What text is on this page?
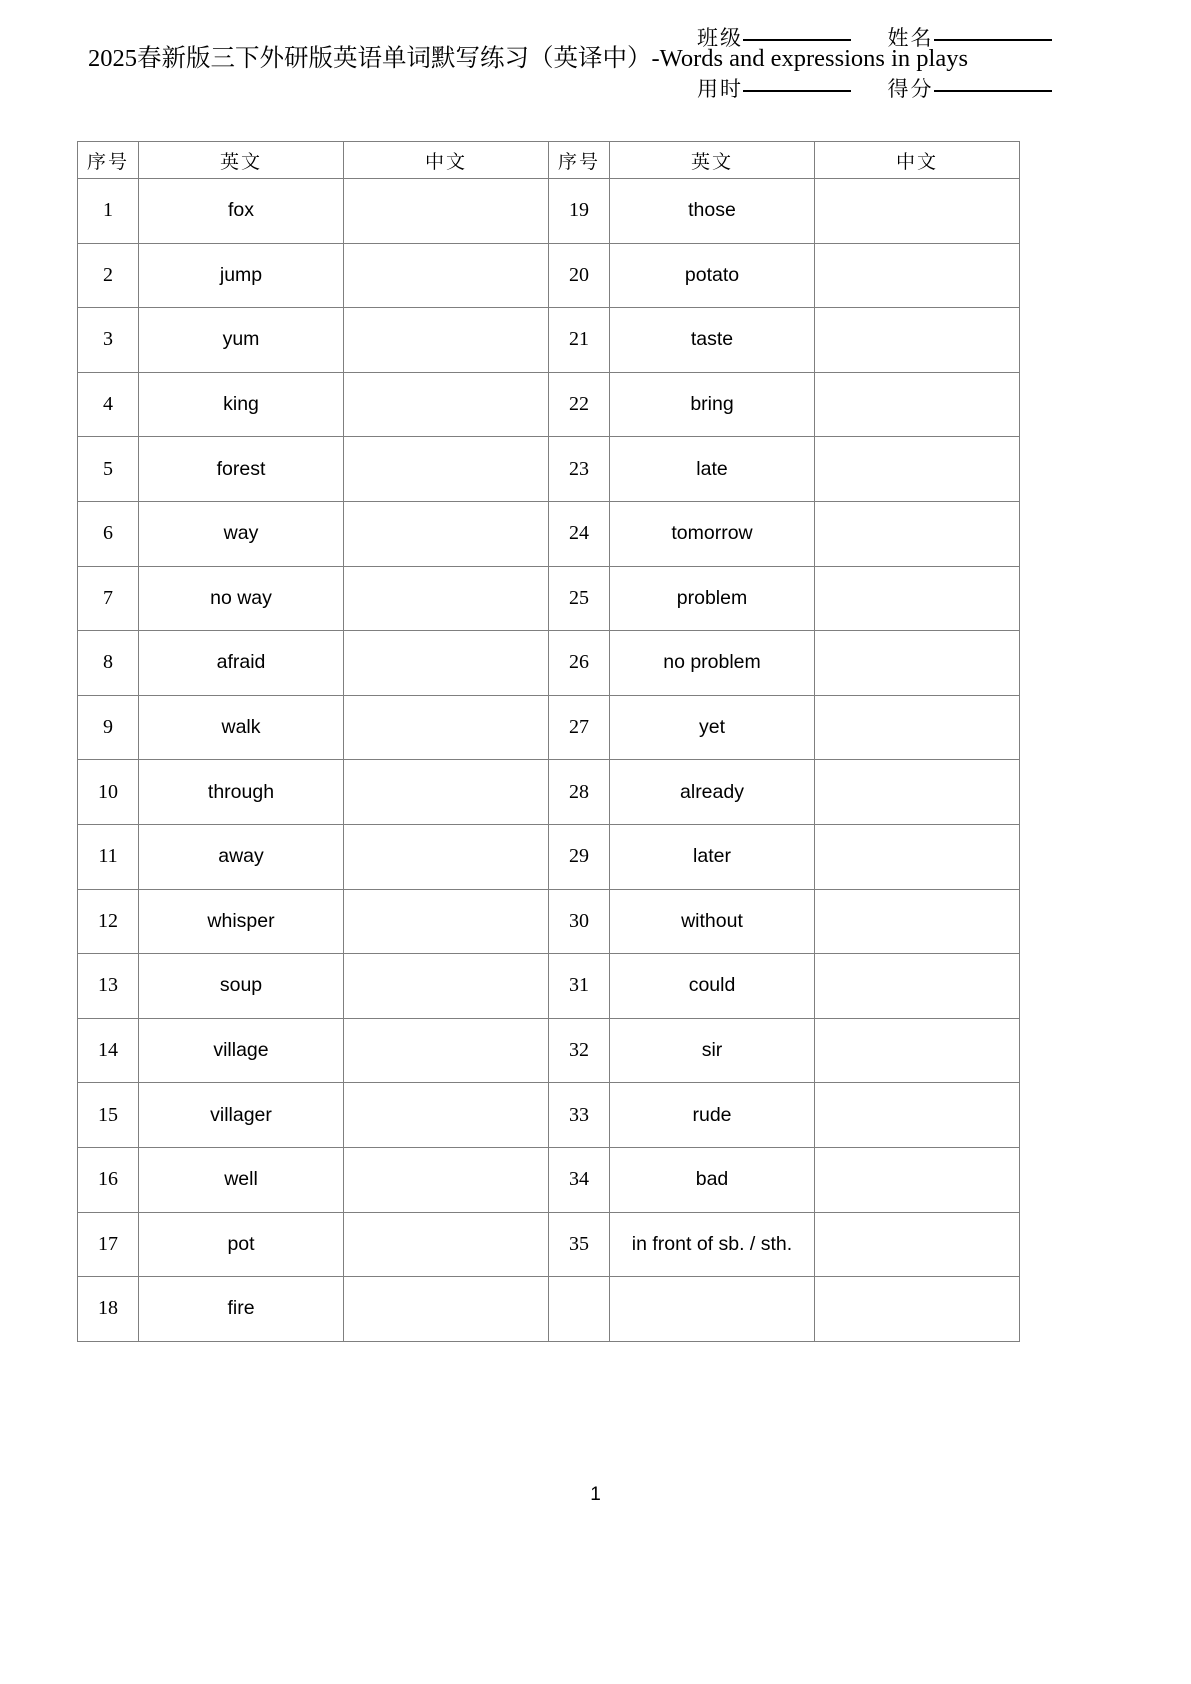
2025春新版三下外研版英语单词默写练习（英译中）-Words and expressions in plays
班级	姓名
用时	得分
序号	英文	中文	序号	英文	中文
1	fox		19	those	
2	jump		20	potato	
3	yum		21	taste	
4	king		22	bring	
5	forest		23	late	
6	way		24	tomorrow	
7	no way		25	problem	
8	afraid		26	no problem	
9	walk		27	yet	
10	through		28	already	
11	away		29	later	
12	whisper		30	without	
13	soup		31	could	
14	village		32	sir	
15	villager		33	rude	
16	well		34	bad	
17	pot		35	in front of sb. / sth.	
18	fire				
1
